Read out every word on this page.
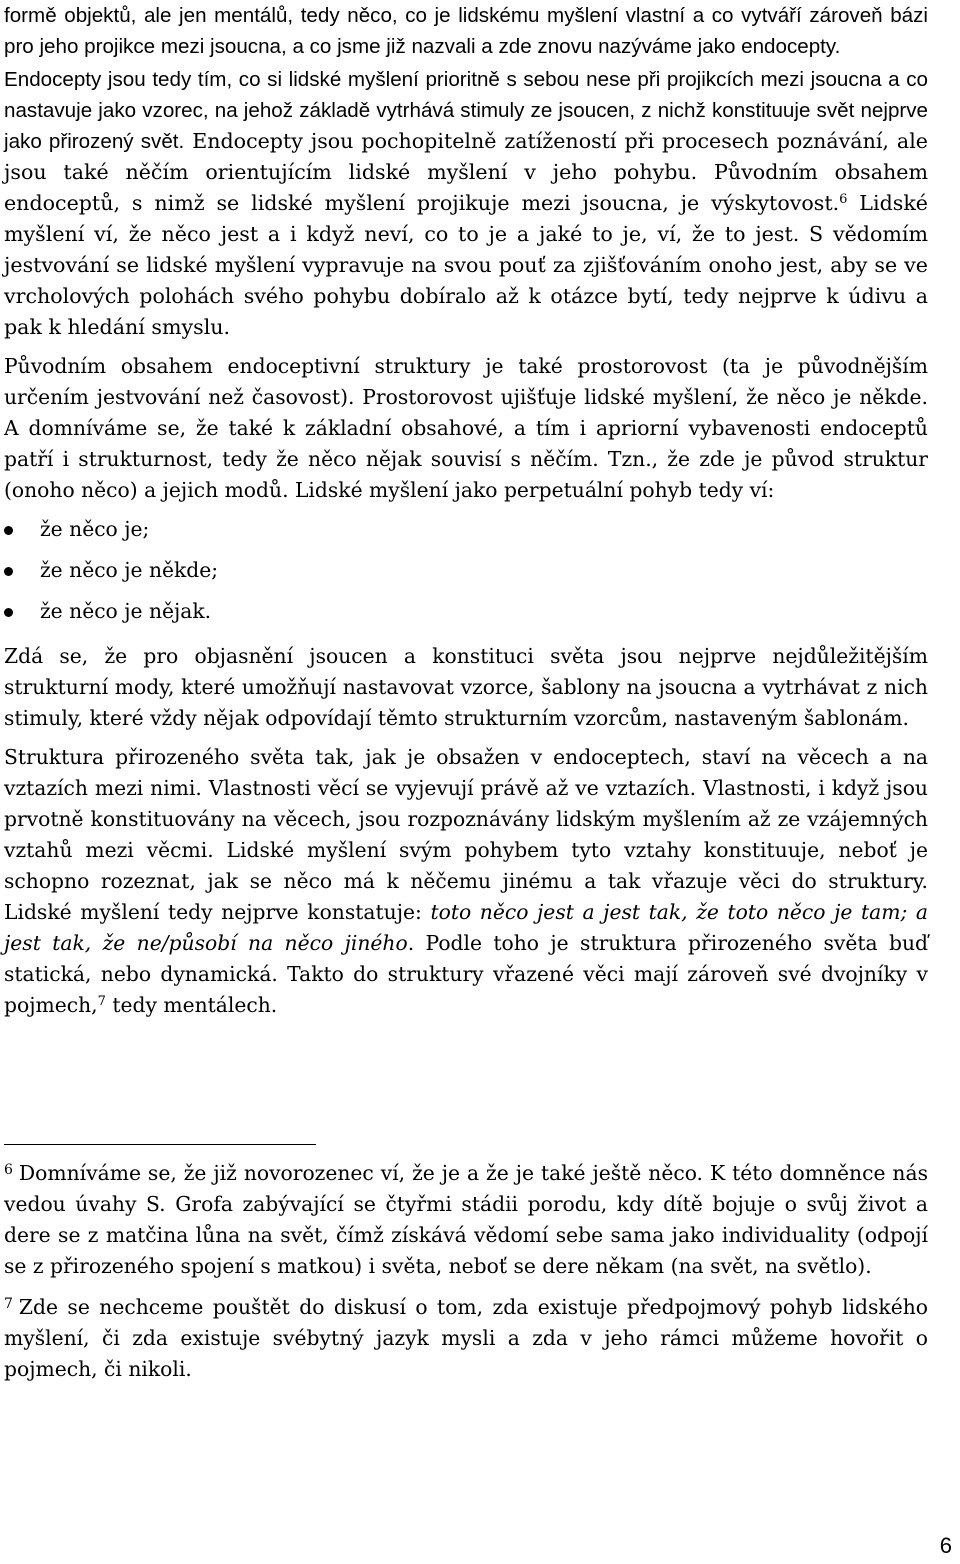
formě objektů, ale jen mentálů, tedy něco, co je lidskému myšlení vlastní a co vytváří zároveň bázi pro jeho projikce mezi jsoucna, a co jsme již nazvali a zde znovu nazýváme jako endocepty.

Endocepty jsou tedy tím, co si lidské myšlení prioritně s sebou nese při projikcích mezi jsoucna a co nastavuje jako vzorec, na jehož základě vytrhává stimuly ze jsoucen, z nichž konstituuje svět nejprve jako přirozený svět. Endocepty jsou pochopitelně zatížeností při procesech poznávání, ale jsou také něčím orientujícím lidské myšlení v jeho pohybu. Původním obsahem endoceptů, s nimž se lidské myšlení projikuje mezi jsoucna, je výskytovost.$^6$ Lidské myšlení ví, že něco jest a i když neví, co to je a jaké to je, ví, že to jest. S vědomím jestvování se lidské myšlení vypravuje na svou pouť za zjišťováním onoho jest, aby se ve vrcholových polohách svého pohybu dobíralo až k otázce bytí, tedy nejprve k údivu a pak k hledání smyslu.

Původním obsahem endoceptivní struktury je také prostorovost (ta je původnějším určením jestvování než časovost). Prostorovost ujišťuje lidské myšlení, že něco je někde. A domníváme se, že také k základní obsahové, a tím i apriorní vybavenosti endoceptů patří i strukturnost, tedy že něco nějak souvisí s něčím. Tzn., že zde je původ struktur (onoho něco) a jejich modů. Lidské myšlení jako perpetuální pohyb tedy ví:

že něco je;
že něco je někde;
že něco je nějak.

Zdá se, že pro objasnění jsoucen a konstituci světa jsou nejprve nejdůležitějším strukturní mody, které umožňují nastavovat vzorce, šablony na jsoucna a vytrhávat z nich stimuly, které vždy nějak odpovídají těmto strukturním vzorcům, nastaveným šablonám.

Struktura přirozeného světa tak, jak je obsažen v endoceptech, staví na věcech a na vztazích mezi nimi. Vlastnosti věcí se vyjevují právě až ve vztazích. Vlastnosti, i když jsou prvotně konstituovány na věcech, jsou rozpoznávány lidským myšlením až ze vzájemných vztahů mezi věcmi. Lidské myšlení svým pohybem tyto vztahy konstituuje, neboť je schopno rozeznat, jak se něco má k něčemu jinému a tak vřazuje věci do struktury. Lidské myšlení tedy nejprve konstatuje: toto něco jest a jest tak, že toto něco je tam; a jest tak, že ne/působí na něco jiného. Podle toho je struktura přirozeného světa buď statická, nebo dynamická. Takto do struktury vřazené věci mají zároveň své dvojníky v pojmech,$^7$ tedy mentálech.

$^6$ Domníváme se, že již novorozenec ví, že je a že je také ještě něco. K této domněnce nás vedou úvahy S. Grofa zabývající se čtyřmi stádii porodu, kdy dítě bojuje o svůj život a dere se z matčina lůna na svět, čímž získává vědomí sebe sama jako individuality (odpojí se z přirozeného spojení s matkou) i světa, neboť se dere někam (na svět, na světlo).

$^7$ Zde se nechceme pouštět do diskusí o tom, zda existuje předpojmový pohyb lidského myšlení, či zda existuje svébytný jazyk mysli a zda v jeho rámci můžeme hovořit o pojmech, či nikoli.

6
